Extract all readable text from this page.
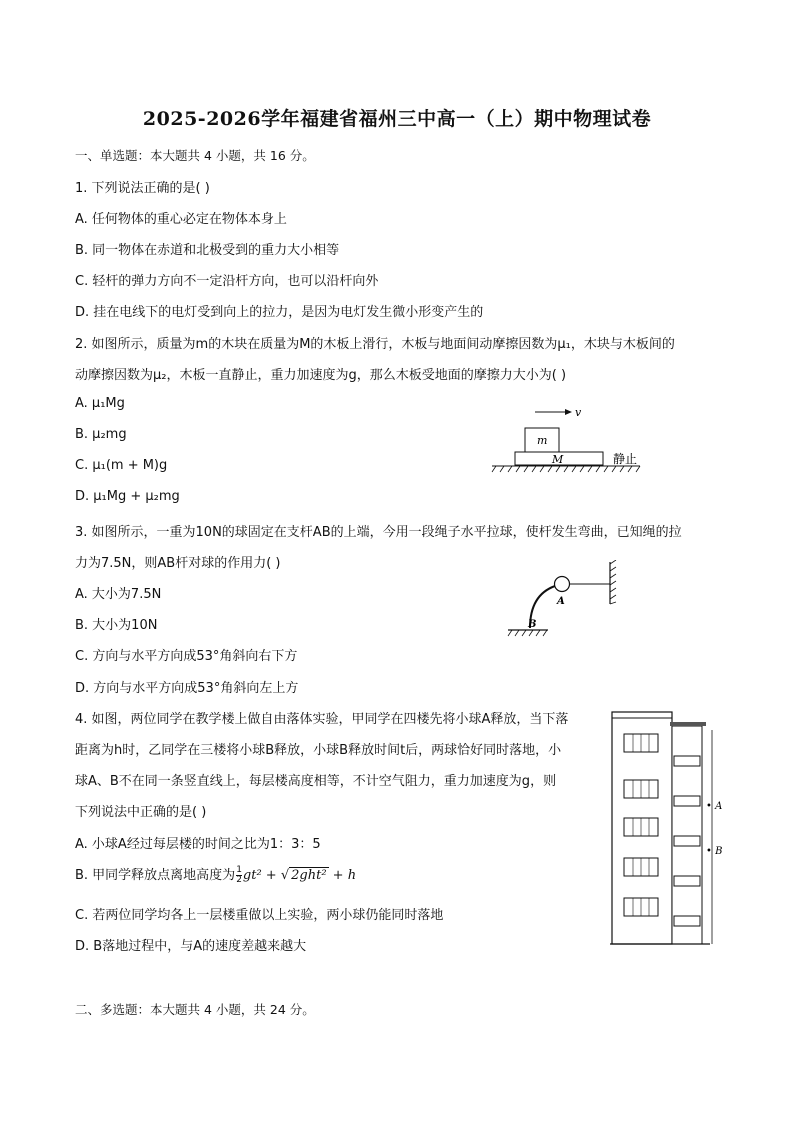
2025-2026学年福建省福州三中高一（上）期中物理试卷
一、单选题：本大题共 4 小题，共 16 分。
1. 下列说法正确的是( )
A. 任何物体的重心必定在物体本身上
B. 同一物体在赤道和北极受到的重力大小相等
C. 轻杆的弹力方向不一定沿杆方向，也可以沿杆向外
D. 挂在电线下的电灯受到向上的拉力，是因为电灯发生微小形变产生的
2. 如图所示，质量为m的木块在质量为M的木板上滑行，木板与地面间动摩擦因数为μ₁，木块与木板间的
动摩擦因数为μ₂，木板一直静止，重力加速度为g，那么木板受地面的摩擦力大小为( )
A. μ₁Mg
B. μ₂mg
C. μ₁(m + M)g
D. μ₁Mg + μ₂mg
v
m
M	静止
3. 如图所示，一重为10N的球固定在支杆AB的上端，今用一段绳子水平拉球，使杆发生弯曲，已知绳的拉
力为7.5N，则AB杆对球的作用力( )
A. 大小为7.5N
B. 大小为10N
C. 方向与水平方向成53°角斜向右下方
D. 方向与水平方向成53°角斜向左上方
A
B
4. 如图，两位同学在教学楼上做自由落体实验，甲同学在四楼先将小球A释放，当下落
距离为h时，乙同学在三楼将小球B释放，小球B释放时间t后，两球恰好同时落地，小
球A、B不在同一条竖直线上，每层楼高度相等，不计空气阻力，重力加速度为g，则
下列说法中正确的是( )
A. 小球A经过每层楼的时间之比为1：3：5
B. 甲同学释放点离地高度为 $\frac{1}{2} gt^2$ + √ 2ght² + h
C. 若两位同学均各上一层楼重做以上实验，两小球仍能同时落地
D. B落地过程中，与A的速度差越来越大
• A
• B
二、多选题：本大题共 4 小题，共 24 分。
